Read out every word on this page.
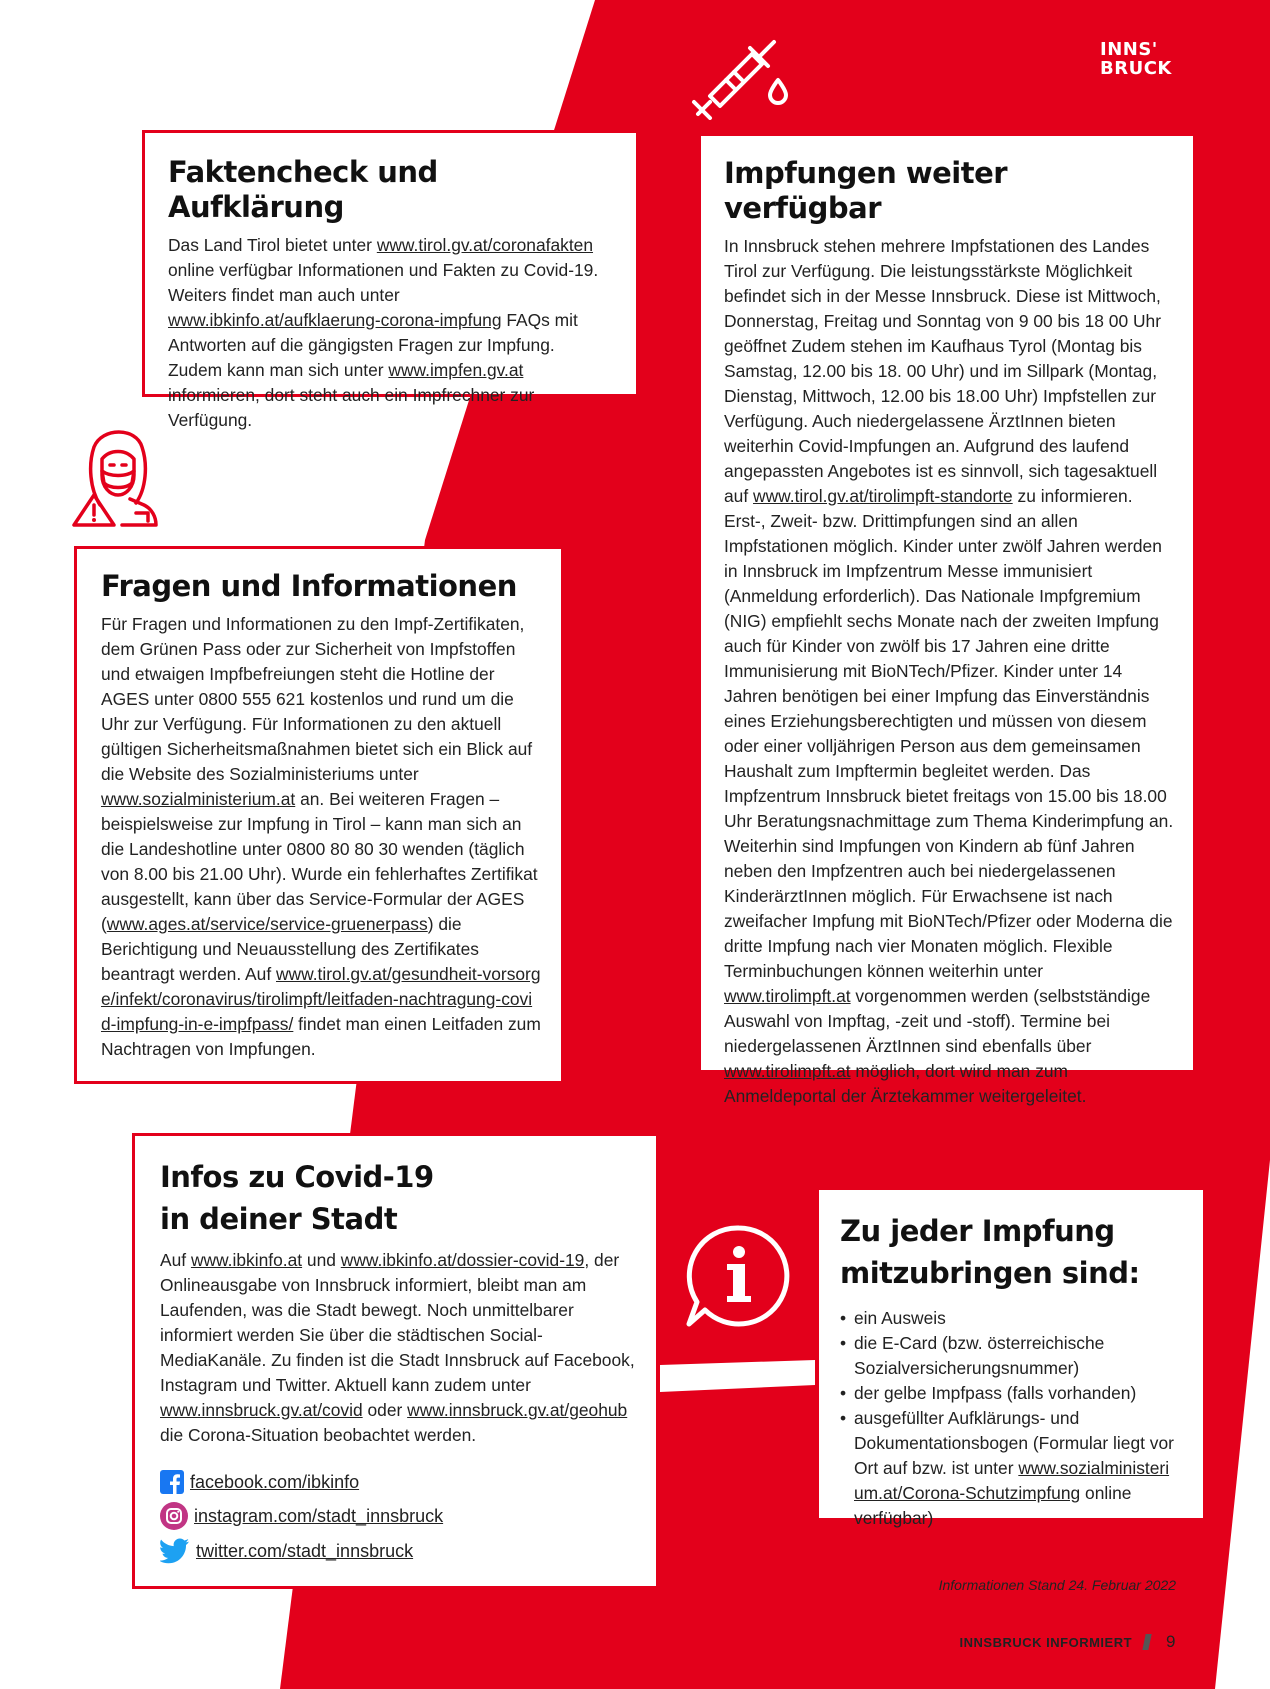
INNS'
BRUCK
Faktencheck und Aufklärung

Das Land Tirol bietet unter www.tirol.gv.at/coronafakten online verfügbar Informationen und Fakten zu Covid-19. Weiters findet man auch unter www.ibkinfo.at/aufklaerung-corona-impfung FAQs mit Antworten auf die gängigsten Fragen zur Impfung. Zudem kann man sich unter www.impfen.gv.at informieren, dort steht auch ein Impfrechner zur Verfügung.

Fragen und Informationen

Für Fragen und Informationen zu den Impf-Zertifikaten, dem Grünen Pass oder zur Sicherheit von Impfstoffen und etwaigen Impfbefreiungen steht die Hotline der AGES unter 0800 555 621 kostenlos und rund um die Uhr zur Verfügung. Für Informationen zu den aktuell gültigen Sicherheitsmaßnahmen bietet sich ein Blick auf die Website des Sozialministeriums unter www.sozialministerium.at an. Bei weiteren Fragen – beispielsweise zur Impfung in Tirol – kann man sich an die Landeshotline unter 0800 80 80 30 wenden (täglich von 8.00 bis 21.00 Uhr). Wurde ein fehlerhaftes Zertifikat ausgestellt, kann über das Service-Formular der AGES (www.ages.at/service/service-gruenerpass) die Berichtigung und Neuausstellung des Zertifikates beantragt werden. Auf www.tirol.gv.at/gesundheit-vorsorge/infekt/coronavirus/tirolimpft/leitfaden-nachtragung-covid-impfung-in-e-impfpass/ findet man einen Leitfaden zum Nachtragen von Impfungen.

Impfungen weiter verfügbar

In Innsbruck stehen mehrere Impfstationen des Landes Tirol zur Verfügung. Die leistungsstärkste Möglichkeit befindet sich in der Messe Innsbruck. Diese ist Mittwoch, Donnerstag, Freitag und Sonntag von 9 00 bis 18 00 Uhr geöffnet Zudem stehen im Kaufhaus Tyrol (Montag bis Samstag, 12.00 bis 18. 00 Uhr) und im Sillpark (Montag, Dienstag, Mittwoch, 12.00 bis 18.00 Uhr) Impfstellen zur Verfügung. Auch niedergelassene ÄrztInnen bieten weiterhin Covid-Impfungen an. Aufgrund des laufend angepassten Angebotes ist es sinnvoll, sich tagesaktuell auf www.tirol.gv.at/tirolimpft-standorte zu informieren. Erst-, Zweit- bzw. Drittimpfungen sind an allen Impfstationen möglich. Kinder unter zwölf Jahren werden in Innsbruck im Impfzentrum Messe immunisiert (Anmeldung erforderlich). Das Nationale Impfgremium (NIG) empfiehlt sechs Monate nach der zweiten Impfung auch für Kinder von zwölf bis 17 Jahren eine dritte Immunisierung mit BioNTech/Pfizer. Kinder unter 14 Jahren benötigen bei einer Impfung das Einverständnis eines Erziehungsberechtigten und müssen von diesem oder einer volljährigen Person aus dem gemeinsamen Haushalt zum Impftermin begleitet werden. Das Impfzentrum Innsbruck bietet freitags von 15.00 bis 18.00 Uhr Beratungsnachmittage zum Thema Kinderimpfung an. Weiterhin sind Impfungen von Kindern ab fünf Jahren neben den Impfzentren auch bei niedergelassenen KinderärztInnen möglich. Für Erwachsene ist nach zweifacher Impfung mit BioNTech/Pfizer oder Moderna die dritte Impfung nach vier Monaten möglich. Flexible Terminbuchungen können weiterhin unter www.tirolimpft.at vorgenommen werden (selbstständige Auswahl von Impftag, -zeit und -stoff). Termine bei niedergelassenen ÄrztInnen sind ebenfalls über www.tirolimpft.at möglich, dort wird man zum Anmeldeportal der Ärztekammer weitergeleitet.

Infos zu Covid-19
in deiner Stadt

Auf www.ibkinfo.at und www.ibkinfo.at/dossier-covid-19, der Onlineausgabe von Innsbruck informiert, bleibt man am Laufenden, was die Stadt bewegt. Noch unmittelbarer informiert werden Sie über die städtischen Social-MediaKanäle. Zu finden ist die Stadt Innsbruck auf Facebook, Instagram und Twitter. Aktuell kann zudem unter www.innsbruck.gv.at/covid oder www.innsbruck.gv.at/geohub die Corona-Situation beobachtet werden.

facebook.com/ibkinfo
instagram.com/stadt_innsbruck
twitter.com/stadt_innsbruck
Zu jeder Impfung
mitzubringen sind:
• ein Ausweis
• die E-Card (bzw. österreichische Sozialversicherungsnummer)
• der gelbe Impfpass (falls vorhanden)
• ausgefüllter Aufklärungs- und Dokumentationsbogen (Formular liegt vor Ort auf bzw. ist unter www.sozialministerium.at/Corona-Schutzimpfung online verfügbar)
Informationen Stand 24. Februar 2022
INNSBRUCK INFORMIERT 9
